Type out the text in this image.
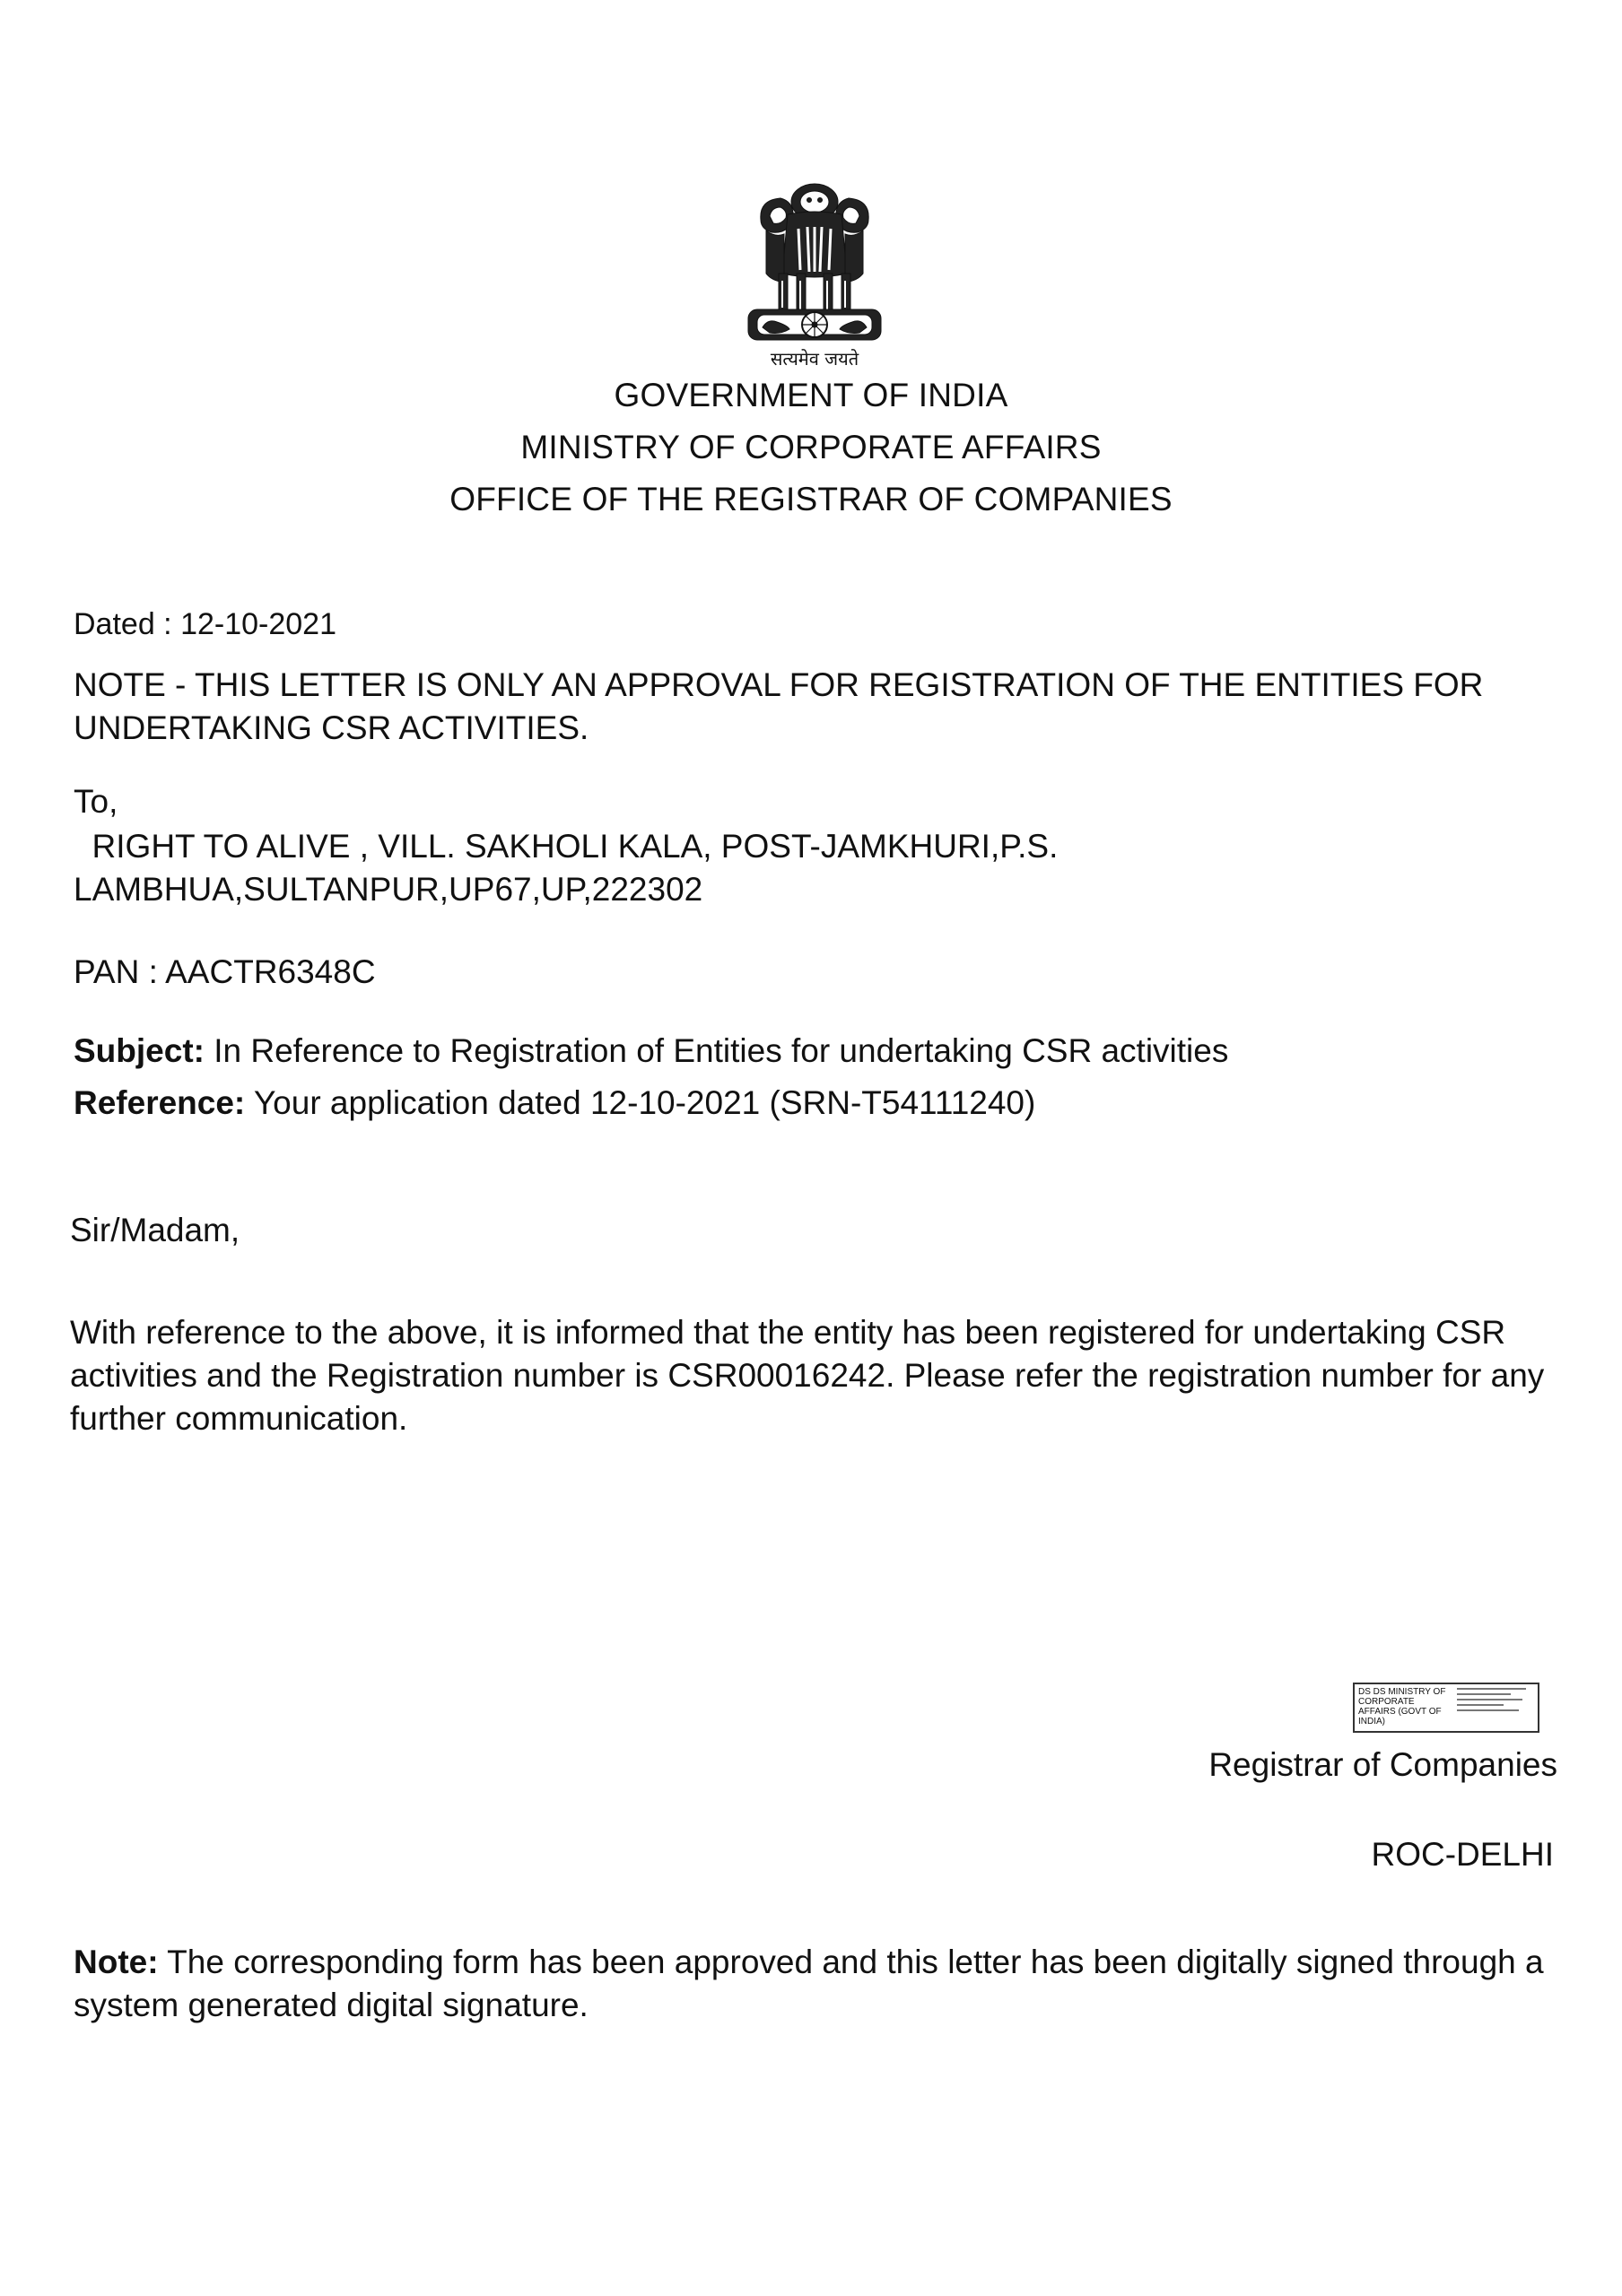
सत्यमेव जयते
GOVERNMENT OF INDIA
MINISTRY OF CORPORATE AFFAIRS
OFFICE OF THE REGISTRAR OF COMPANIES
Dated : 12-10-2021
NOTE - THIS LETTER IS ONLY AN APPROVAL FOR REGISTRATION OF THE ENTITIES FOR UNDERTAKING CSR ACTIVITIES.
To,
RIGHT TO ALIVE , VILL. SAKHOLI KALA, POST-JAMKHURI,P.S.
LAMBHUA,SULTANPUR,UP67,UP,222302
PAN : AACTR6348C
Subject: In Reference to Registration of Entities for undertaking CSR activities
Reference: Your application dated 12-10-2021 (SRN-T54111240)
Sir/Madam,
With reference to the above, it is informed that the entity has been registered for undertaking CSR activities and the Registration number is CSR00016242. Please refer the registration number for any further communication.
DS DS MINISTRY OF CORPORATE AFFAIRS (GOVT OF INDIA)
Registrar of Companies
ROC-DELHI
Note: The corresponding form has been approved and this letter has been digitally signed through a system generated digital signature.
